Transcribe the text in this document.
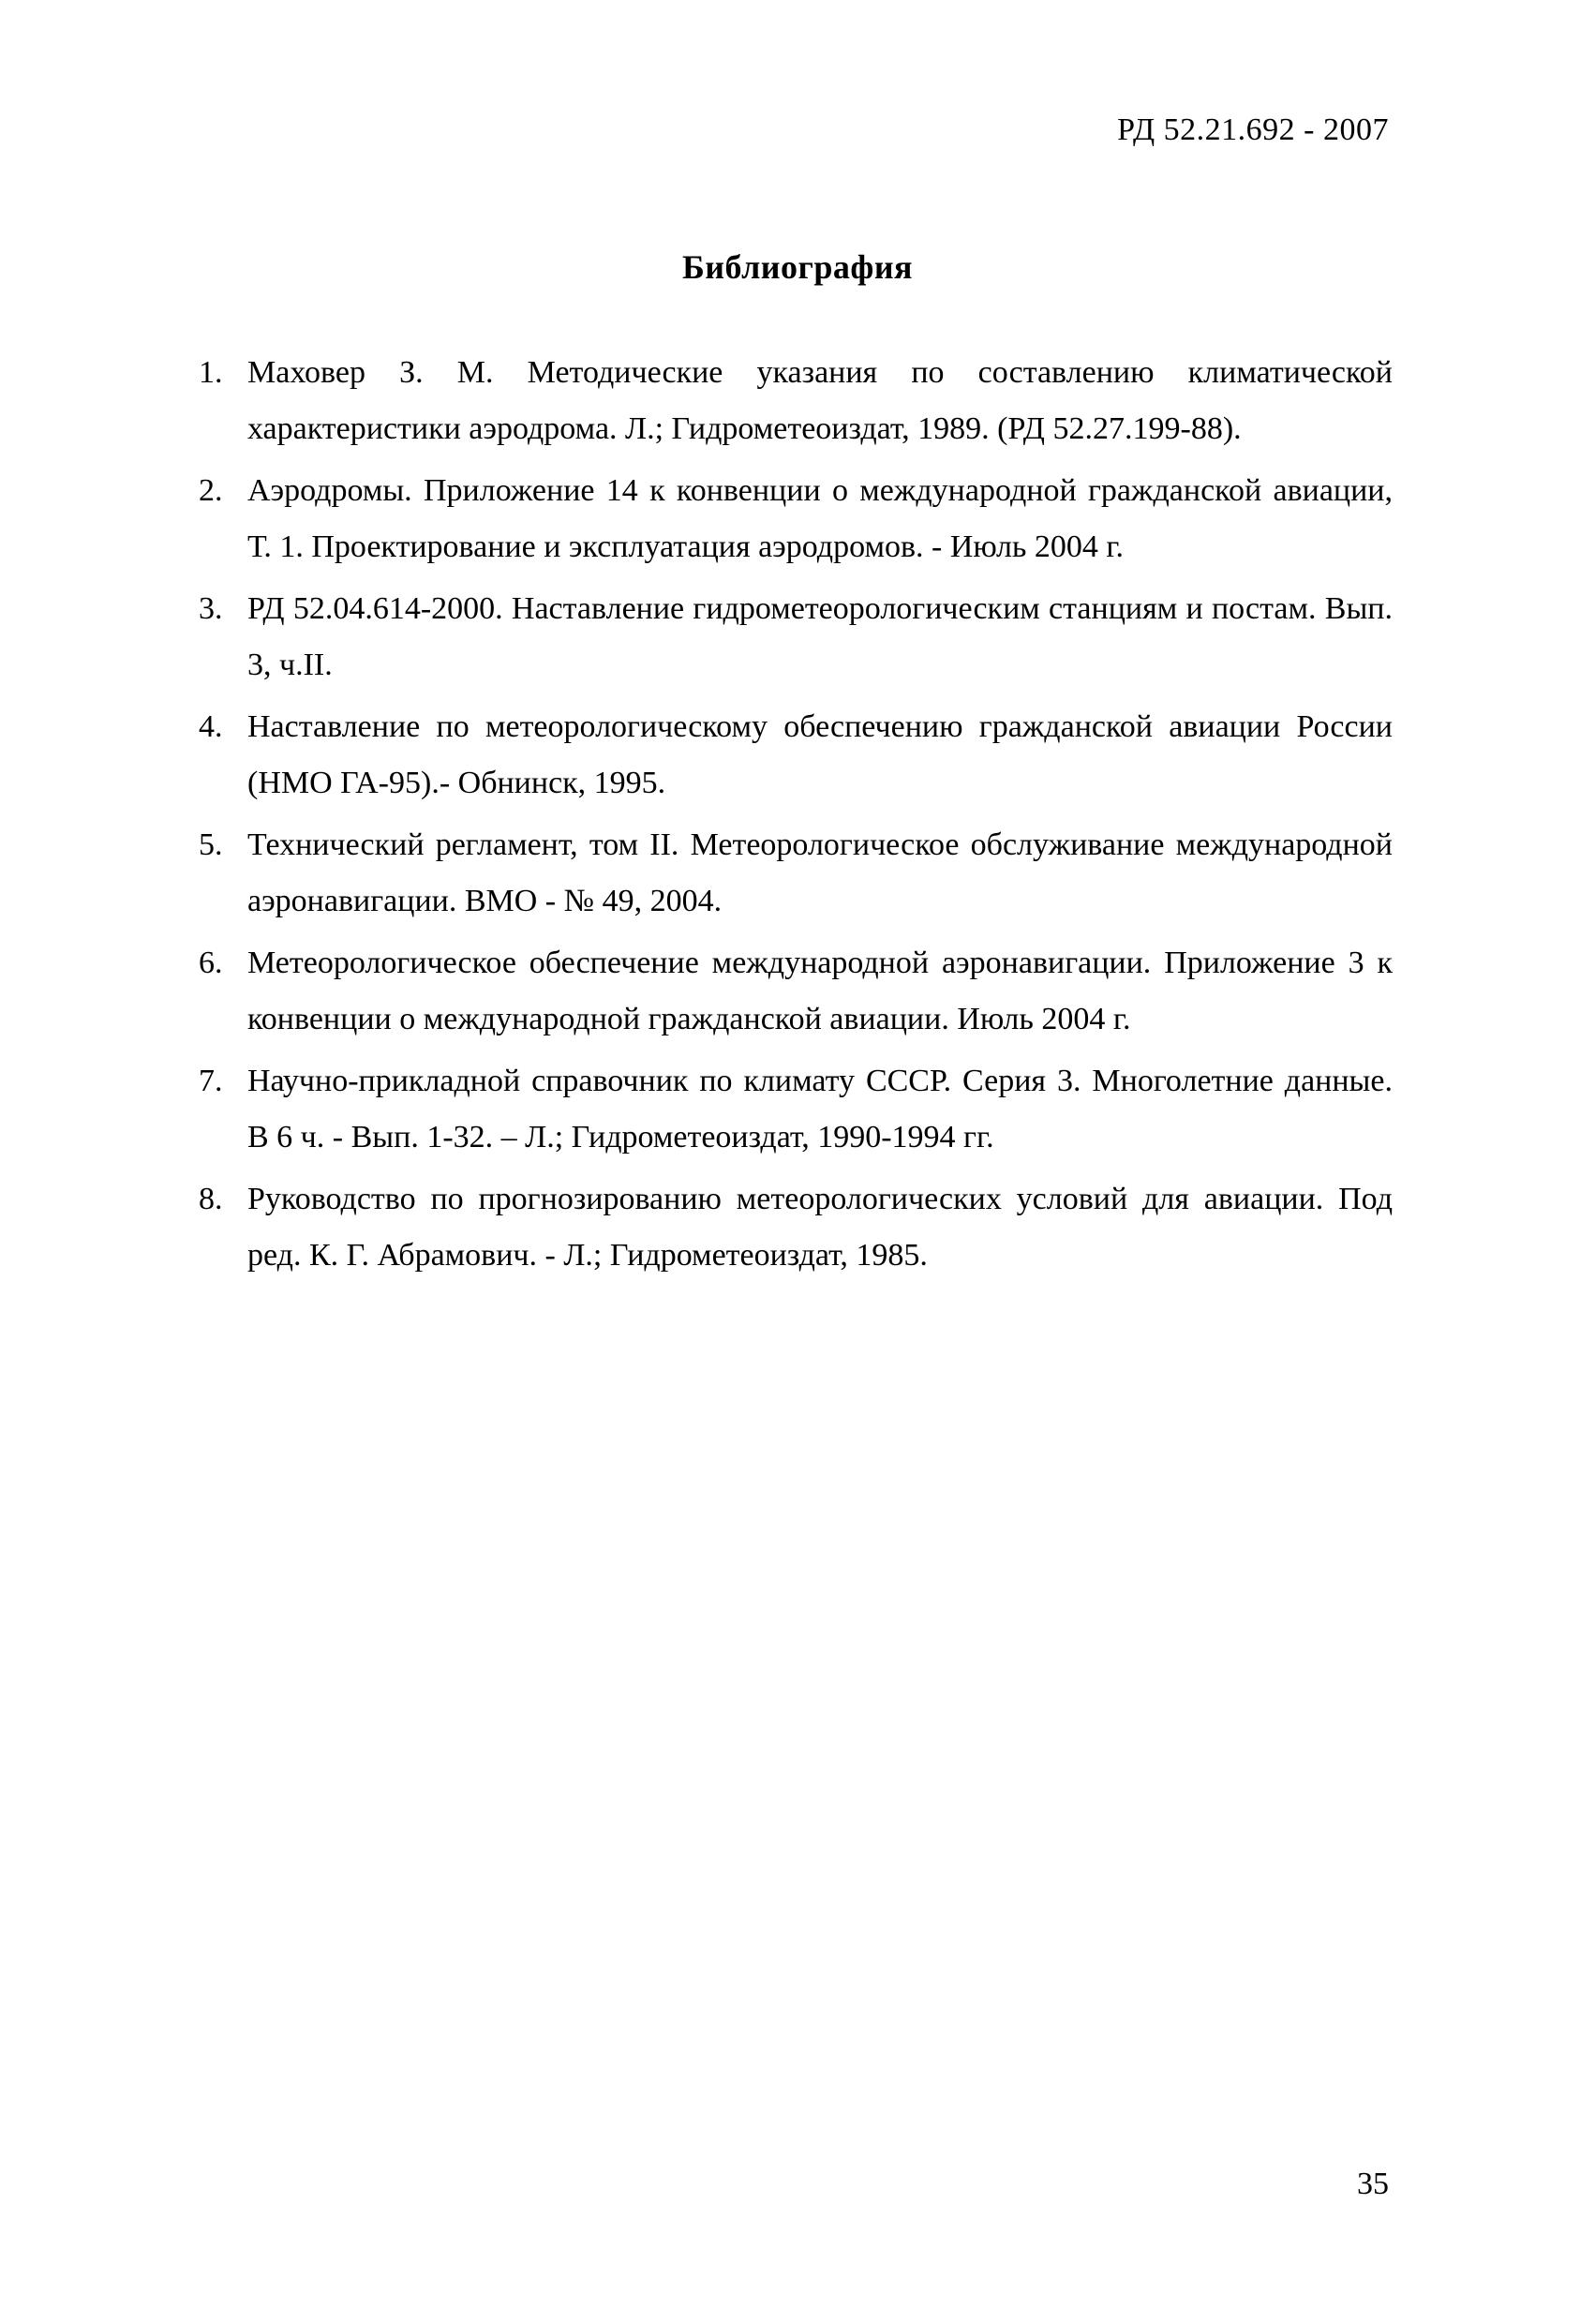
РД 52.21.692 - 2007
Библиография
1. Маховер З. М. Методические указания по составлению климатической характеристики аэродрома. Л.; Гидрометеоиздат, 1989. (РД 52.27.199-88).
2. Аэродромы. Приложение 14 к конвенции о международной гражданской авиации, Т. 1. Проектирование и эксплуатация аэродромов. - Июль 2004 г.
3. РД 52.04.614-2000. Наставление гидрометеорологическим станциям и постам. Вып. 3, ч.II.
4. Наставление по метеорологическому обеспечению гражданской авиации России (НМО ГА-95).- Обнинск, 1995.
5. Технический регламент, том II. Метеорологическое обслуживание международной аэронавигации. ВМО - № 49, 2004.
6. Метеорологическое обеспечение международной аэронавигации. Приложение 3 к конвенции о международной гражданской авиации. Июль 2004 г.
7. Научно-прикладной справочник по климату СССР. Серия 3. Многолетние данные. В 6 ч. - Вып. 1-32. – Л.; Гидрометеоиздат, 1990-1994 гг.
8. Руководство по прогнозированию метеорологических условий для авиации. Под ред. К. Г. Абрамович. - Л.; Гидрометеоиздат, 1985.
35
